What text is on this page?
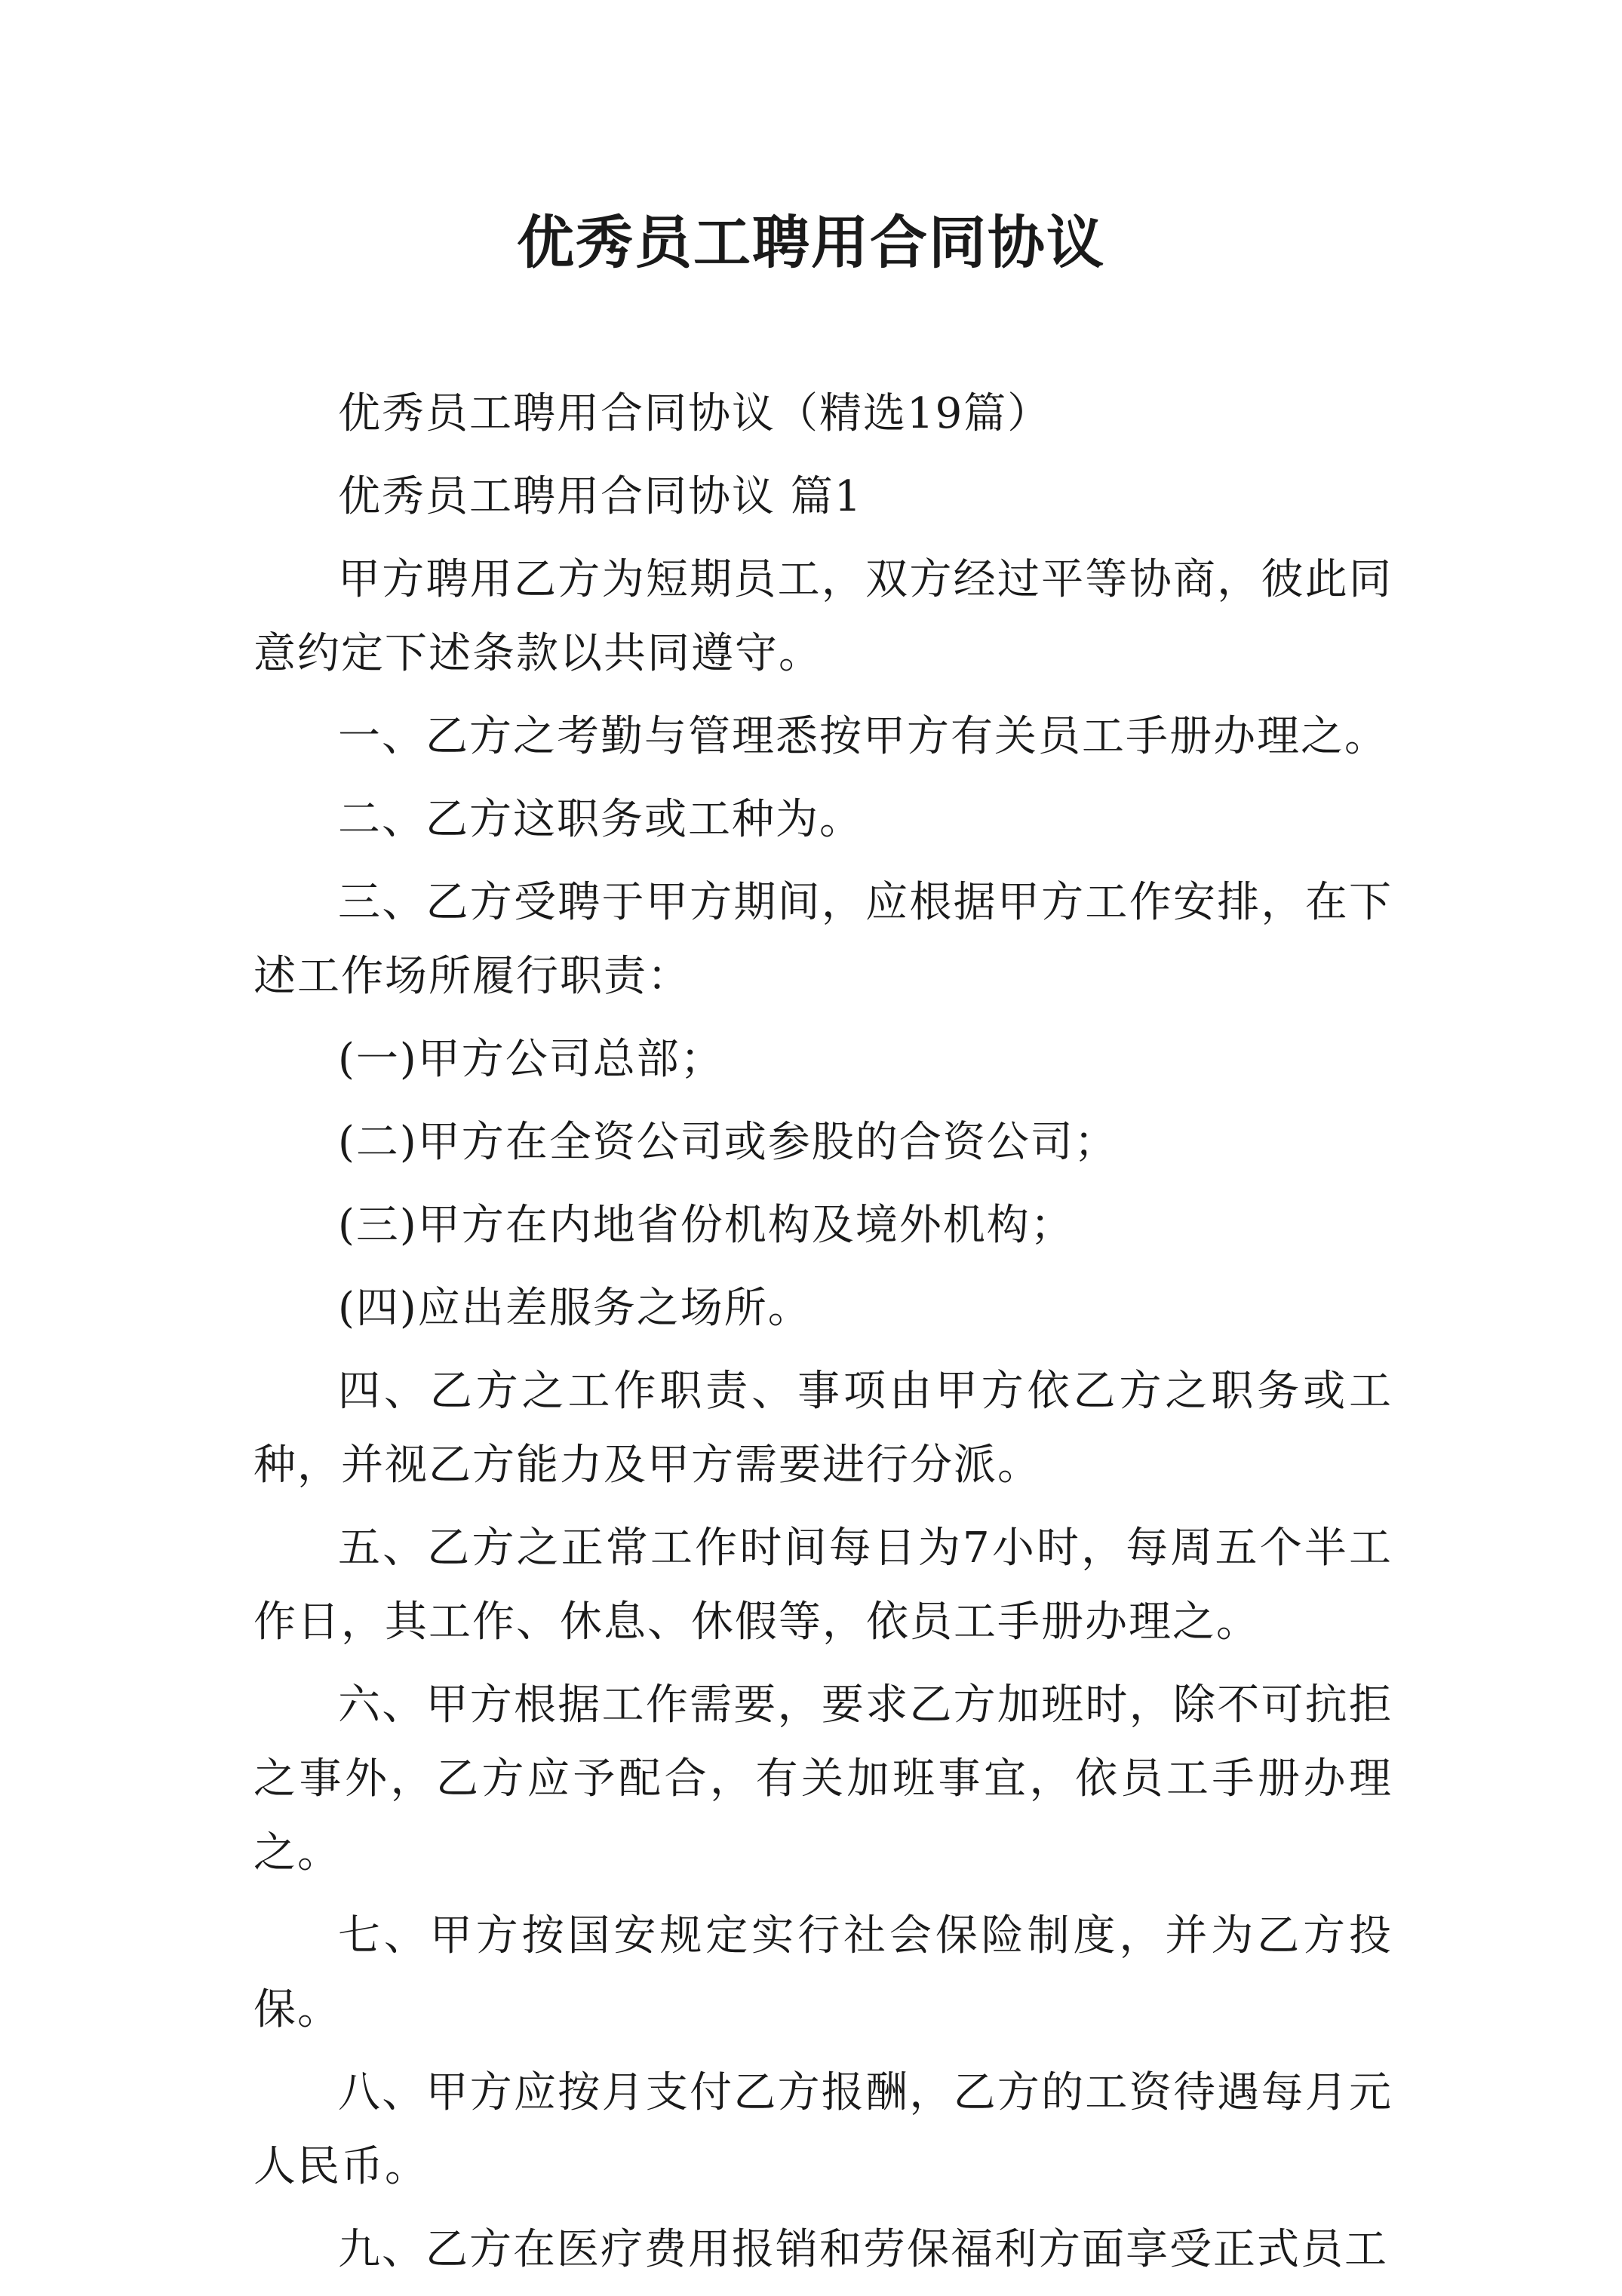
优秀员工聘用合同协议

优秀员工聘用合同协议（精选19篇）

优秀员工聘用合同协议 篇1

甲方聘用乙方为短期员工，双方经过平等协商，彼此同意约定下述条款以共同遵守。

一、乙方之考勤与管理悉按甲方有关员工手册办理之。

二、乙方这职务或工种为。

三、乙方受聘于甲方期间，应根据甲方工作安排，在下述工作场所履行职责：

(一)甲方公司总部；

(二)甲方在全资公司或参股的合资公司；

(三)甲方在内地省份机构及境外机构；

(四)应出差服务之场所。

四、乙方之工作职责、事项由甲方依乙方之职务或工种，并视乙方能力及甲方需要进行分派。

五、乙方之正常工作时间每日为7小时，每周五个半工作日，其工作、休息、休假等，依员工手册办理之。

六、甲方根据工作需要，要求乙方加班时，除不可抗拒之事外，乙方应予配合，有关加班事宜，依员工手册办理之。

七、甲方按国安规定实行社会保险制度，并为乙方投保。

八、甲方应按月支付乙方报酬，乙方的工资待遇每月元人民币。

九、乙方在医疗费用报销和劳保福利方面享受正式员工
